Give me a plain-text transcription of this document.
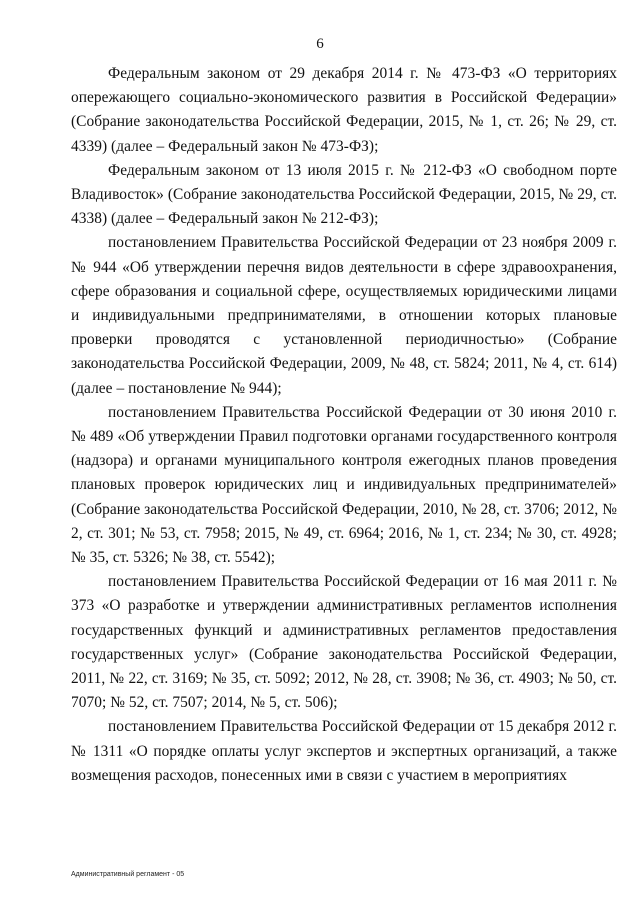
6

Федеральным законом от 29 декабря 2014 г. № 473-ФЗ «О территориях опережающего социально-экономического развития в Российской Федерации» (Собрание законодательства Российской Федерации, 2015, № 1, ст. 26; № 29, ст. 4339) (далее – Федеральный закон № 473-ФЗ);

Федеральным законом от 13 июля 2015 г. № 212-ФЗ «О свободном порте Владивосток» (Собрание законодательства Российской Федерации, 2015, № 29, ст. 4338) (далее – Федеральный закон № 212-ФЗ);

постановлением Правительства Российской Федерации от 23 ноября 2009 г. № 944 «Об утверждении перечня видов деятельности в сфере здравоохранения, сфере образования и социальной сфере, осуществляемых юридическими лицами и индивидуальными предпринимателями, в отношении которых плановые проверки проводятся с установленной периодичностью» (Собрание законодательства Российской Федерации, 2009, № 48, ст. 5824; 2011, № 4, ст. 614) (далее – постановление № 944);

постановлением Правительства Российской Федерации от 30 июня 2010 г. № 489 «Об утверждении Правил подготовки органами государственного контроля (надзора) и органами муниципального контроля ежегодных планов проведения плановых проверок юридических лиц и индивидуальных предпринимателей» (Собрание законодательства Российской Федерации, 2010, № 28, ст. 3706; 2012, № 2, ст. 301; № 53, ст. 7958; 2015, № 49, ст. 6964; 2016, № 1, ст. 234; № 30, ст. 4928; № 35, ст. 5326; № 38, ст. 5542);

постановлением Правительства Российской Федерации от 16 мая 2011 г. № 373 «О разработке и утверждении административных регламентов исполнения государственных функций и административных регламентов предоставления государственных услуг» (Собрание законодательства Российской Федерации, 2011, № 22, ст. 3169; № 35, ст. 5092; 2012, № 28, ст. 3908; № 36, ст. 4903; № 50, ст. 7070; № 52, ст. 7507; 2014, № 5, ст. 506);

постановлением Правительства Российской Федерации от 15 декабря 2012 г. № 1311 «О порядке оплаты услуг экспертов и экспертных организаций, а также возмещения расходов, понесенных ими в связи с участием в мероприятиях

Административный регламент - 05
